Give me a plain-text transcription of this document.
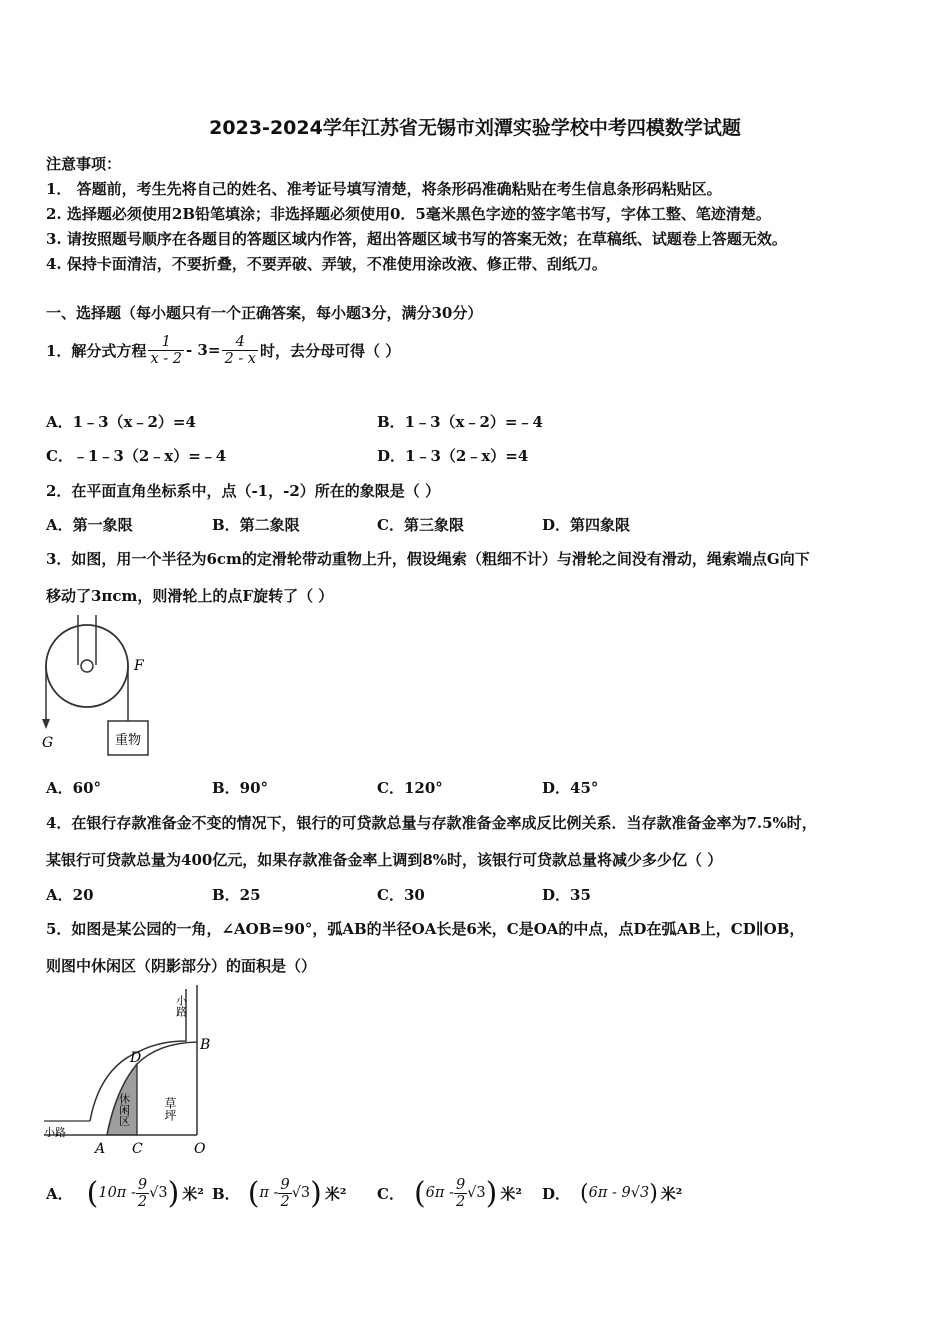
2023-2024学年江苏省无锡市刘潭实验学校中考四模数学试题
注意事项：
1． 答题前，考生先将自己的姓名、准考证号填写清楚，将条形码准确粘贴在考生信息条形码粘贴区。
2. 选择题必须使用2B铅笔填涂；非选择题必须使用0．5毫米黑色字迹的签字笔书写，字体工整、笔迹清楚。
3. 请按照题号顺序在各题目的答题区域内作答，超出答题区域书写的答案无效；在草稿纸、试题卷上答题无效。
4. 保持卡面清洁，不要折叠，不要弄破、弄皱，不准使用涂改液、修正带、刮纸刀。
一、选择题（每小题只有一个正确答案，每小题3分，满分30分）
1．解分式方程 $\frac{1}{x - 2} - 3= \frac{4}{2 - x}$ 时，去分母可得（ ）
A．1﹣3（x﹣2）=4	B．1﹣3（x﹣2）=﹣4
C．﹣1﹣3（2﹣x）=﹣4	D．1﹣3（2﹣x）=4
2．在平面直角坐标系中，点（-1，-2）所在的象限是（ ）
A．第一象限	B．第二象限	C．第三象限	D．第四象限
3．如图，用一个半径为6cm的定滑轮带动重物上升，假设绳索（粗细不计）与滑轮之间没有滑动，绳索端点G向下
移动了3πcm，则滑轮上的点F旋转了（ ）
重物
F
G
A．60°	B．90°	C．120°	D．45°
4．在银行存款准备金不变的情况下，银行的可贷款总量与存款准备金率成反比例关系．当存款准备金率为7.5%时，
某银行可贷款总量为400亿元，如果存款准备金率上调到8%时，该银行可贷款总量将减少多少亿（ ）
A．20	B．25	C．30	D．35
5．如图是某公园的一角，∠AOB=90°，弧AB的半径OA长是6米，C是OA的中点，点D在弧AB上，CD∥OB，
则图中休闲区（阴影部分）的面积是（）
小路
小路
休闲区	草坪
D
B
A C	O
A． ( $10\pi - \frac{9}{2} √3$ ) 米² B． ( π - $\frac{9}{2} √3$ ) 米² C． ( $6\pi - \frac{9}{2} √3$ ) 米² D． ( 6π - 9√3 ) 米²
